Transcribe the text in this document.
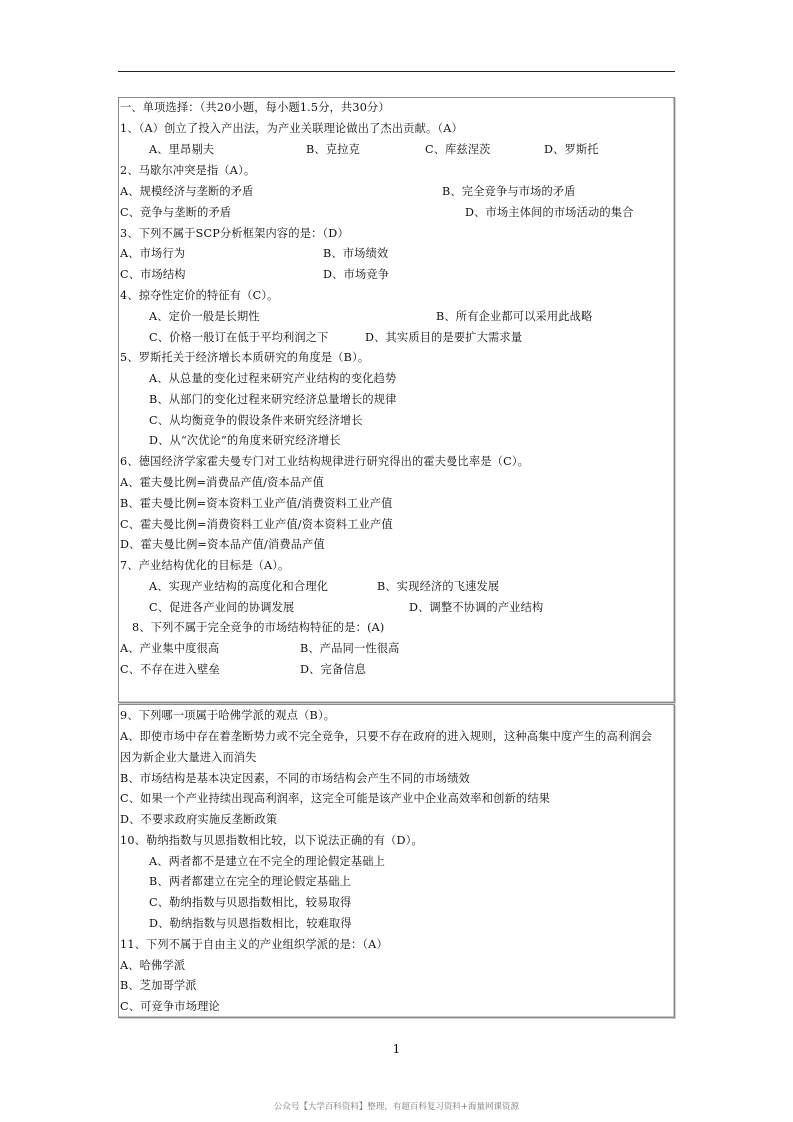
一、单项选择：（共20小题，每小题1.5分，共30分）
1、（A）创立了投入产出法，为产业关联理论做出了杰出贡献。（A）
A、里昂剔夫	B、克拉克	C、库兹涅茨	D、罗斯托
2、马歇尔冲突是指（A）。
A、规模经济与垄断的矛盾	B、完全竞争与市场的矛盾
C、竞争与垄断的矛盾	D、市场主体间的市场活动的集合
3、下列不属于SCP分析框架内容的是：（D）
A、市场行为	B、市场绩效
C、市场结构	D、市场竞争
4、掠夺性定价的特征有（C）。
A、定价一般是长期性	B、所有企业都可以采用此战略
C、价格一般订在低于平均利润之下	D、其实质目的是要扩大需求量
5、罗斯托关于经济增长本质研究的角度是（B）。
A、从总量的变化过程来研究产业结构的变化趋势
B、从部门的变化过程来研究经济总量增长的规律
C、从均衡竞争的假设条件来研究经济增长
D、从“次优论”的角度来研究经济增长
6、德国经济学家霍夫曼专门对工业结构规律进行研究得出的霍夫曼比率是（C）。
A、霍夫曼比例=消费品产值/资本品产值
B、霍夫曼比例=资本资料工业产值/消费资料工业产值
C、霍夫曼比例=消费资料工业产值/资本资料工业产值
D、霍夫曼比例=资本品产值/消费品产值
7、产业结构优化的目标是（A）。
A、实现产业结构的高度化和合理化	B、实现经济的飞速发展
C、促进各产业间的协调发展	D、调整不协调的产业结构
8、下列不属于完全竞争的市场结构特征的是：(A)
A、产业集中度很高	B、产品同一性很高
C、不存在进入壁垒	D、完备信息
9、下列哪一项属于哈佛学派的观点（B）。
A、即使市场中存在着垄断势力或不完全竞争，只要不存在政府的进入规则，这种高集中度产生的高利润会
因为新企业大量进入而消失
B、市场结构是基本决定因素，不同的市场结构会产生不同的市场绩效
C、如果一个产业持续出现高利润率，这完全可能是该产业中企业高效率和创新的结果
D、不要求政府实施反垄断政策
10、勒纳指数与贝恩指数相比较，以下说法正确的有（D）。
A、两者都不是建立在不完全的理论假定基础上
B、两者都建立在完全的理论假定基础上
C、勒纳指数与贝恩指数相比，较易取得
D、勒纳指数与贝恩指数相比，较难取得
11、下列不属于自由主义的产业组织学派的是：（A）
A、哈佛学派
B、芝加哥学派
C、可竞争市场理论
1
公众号【大学百科资料】整理，有超百科复习资料+海量网课资源
